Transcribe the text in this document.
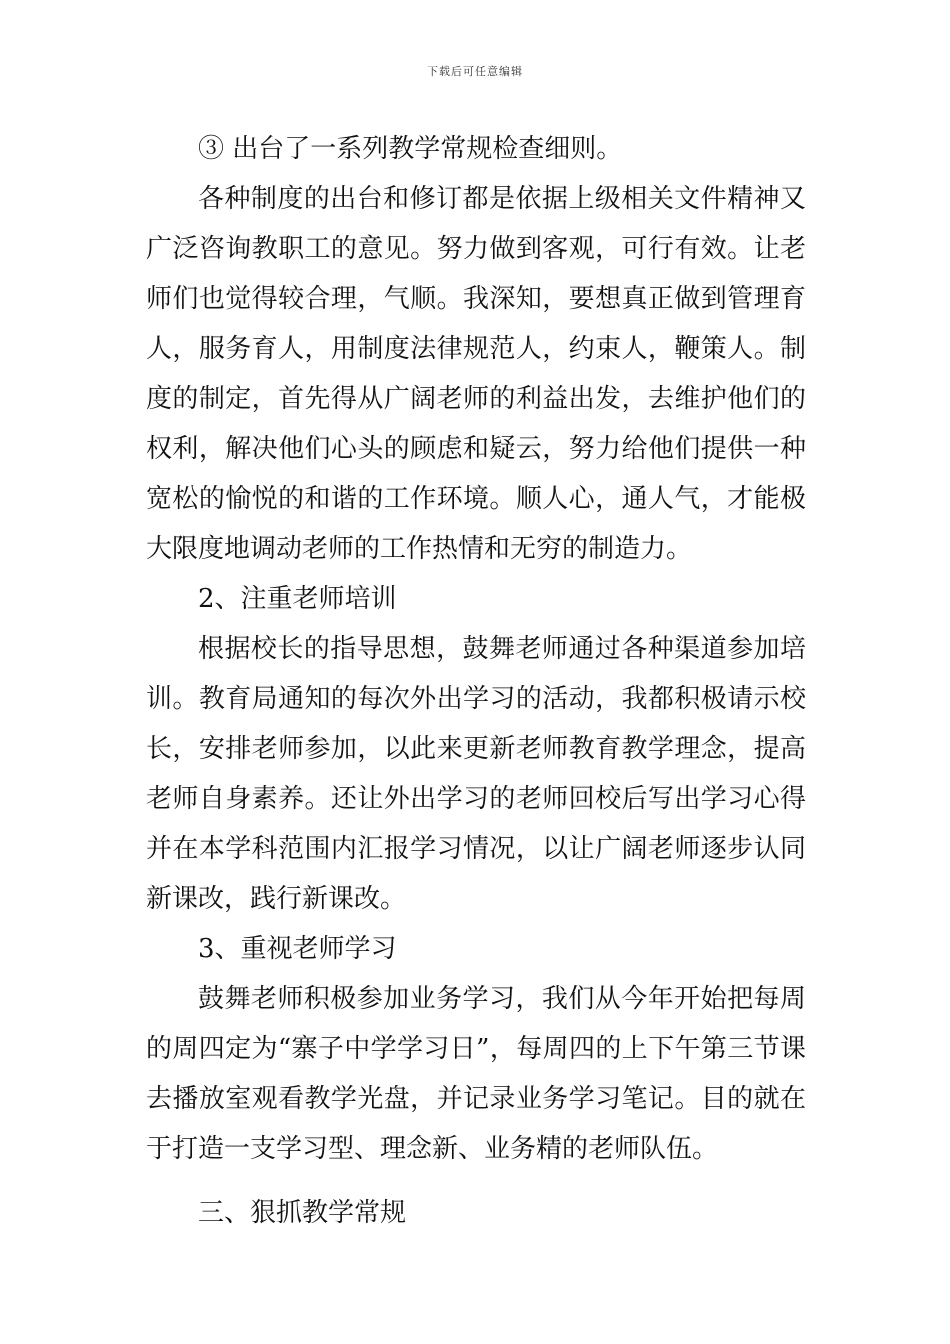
下载后可任意编辑

③ 出台了一系列教学常规检查细则。

各种制度的出台和修订都是依据上级相关文件精神又广泛咨询教职工的意见。努力做到客观，可行有效。让老师们也觉得较合理，气顺。我深知，要想真正做到管理育人，服务育人，用制度法律规范人，约束人，鞭策人。制度的制定，首先得从广阔老师的利益出发，去维护他们的权利，解决他们心头的顾虑和疑云，努力给他们提供一种宽松的愉悦的和谐的工作环境。顺人心，通人气，才能极大限度地调动老师的工作热情和无穷的制造力。

2、注重老师培训

根据校长的指导思想，鼓舞老师通过各种渠道参加培训。教育局通知的每次外出学习的活动，我都积极请示校长，安排老师参加，以此来更新老师教育教学理念，提高老师自身素养。还让外出学习的老师回校后写出学习心得并在本学科范围内汇报学习情况，以让广阔老师逐步认同新课改，践行新课改。

3、重视老师学习

鼓舞老师积极参加业务学习，我们从今年开始把每周的周四定为“寨子中学学习日”，每周四的上下午第三节课去播放室观看教学光盘，并记录业务学习笔记。目的就在于打造一支学习型、理念新、业务精的老师队伍。

三、狠抓教学常规
